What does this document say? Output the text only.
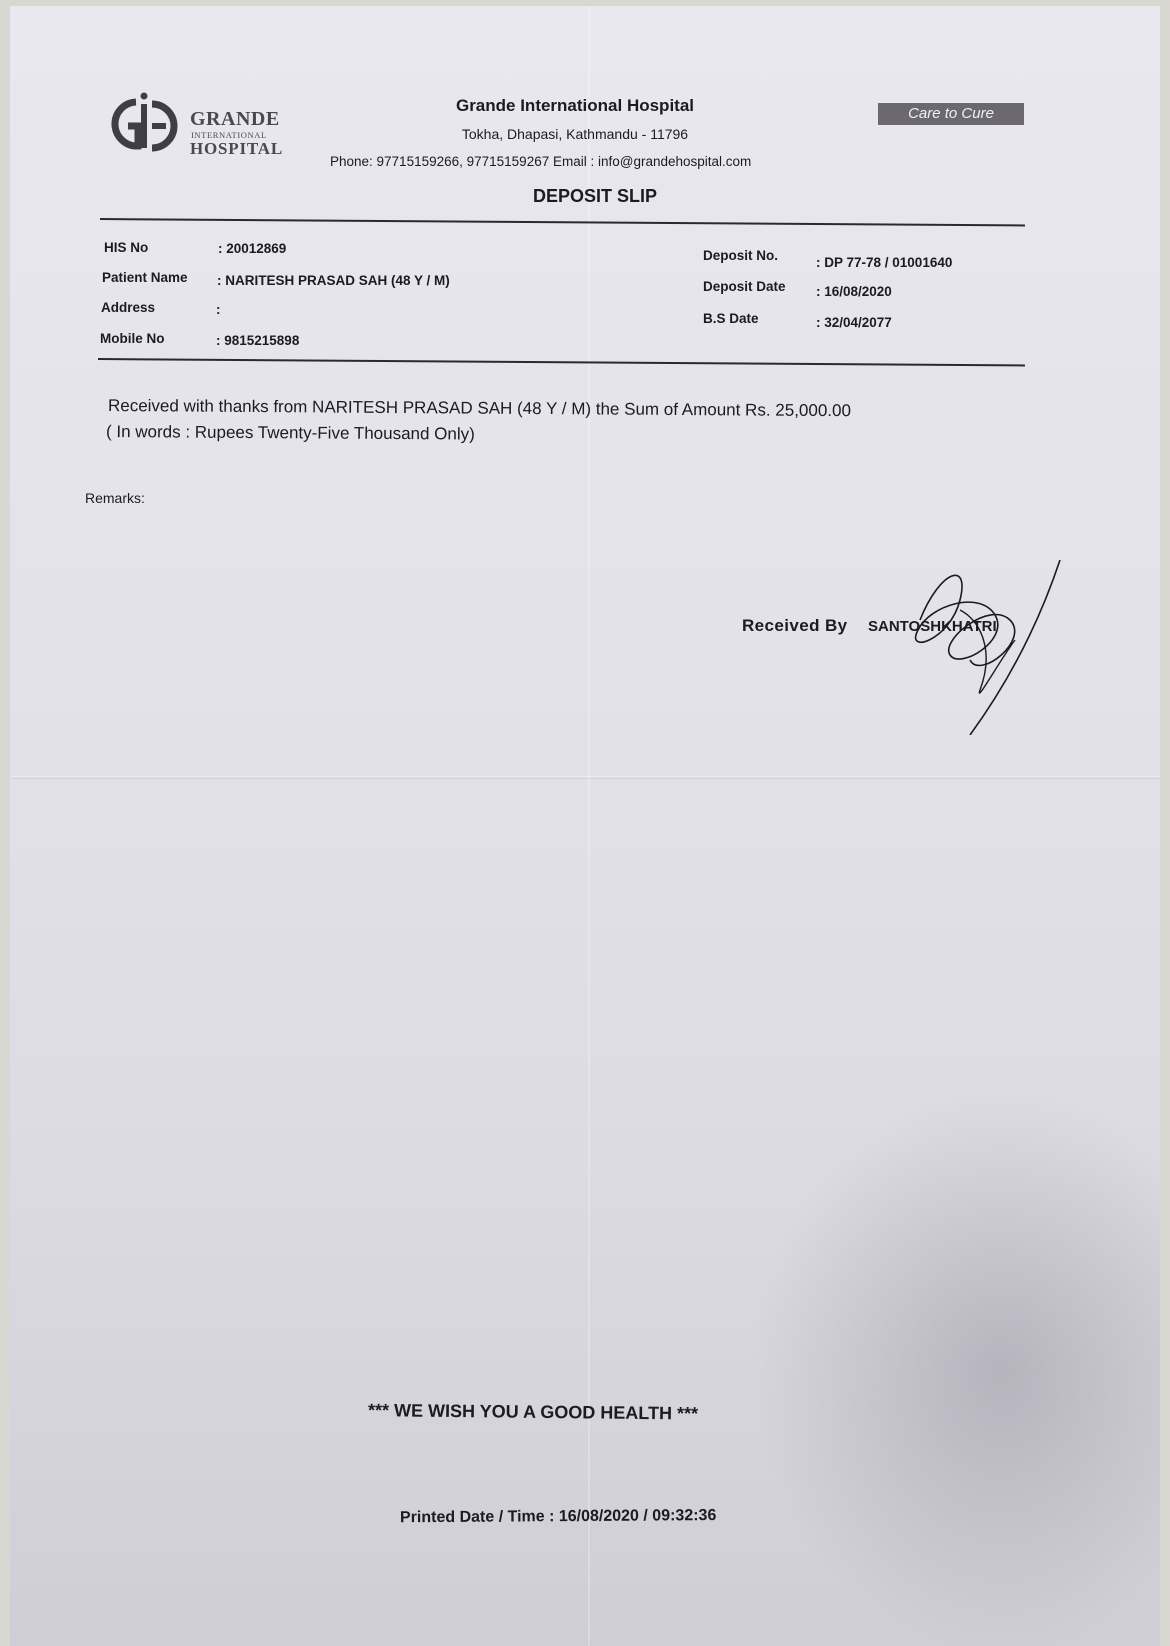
GRANDE
INTERNATIONAL
HOSPITAL
Grande International Hospital
Tokha, Dhapasi, Kathmandu - 11796
Phone: 97715159266, 97715159267 Email : info@grandehospital.com
Care to Cure
DEPOSIT SLIP
HIS No	: 20012869
Patient Name : NARITESH PRASAD SAH (48 Y / M)
Address	:
Mobile No	: 9815215898
Deposit No.	: DP 77-78 / 01001640
Deposit Date : 16/08/2020
B.S Date	: 32/04/2077
Received with thanks from NARITESH PRASAD SAH (48 Y / M) the Sum of Amount Rs. 25,000.00
( In words : Rupees Twenty-Five Thousand Only)
Remarks:
Received By SANTOSHKHATRI
*** WE WISH YOU A GOOD HEALTH ***
Printed Date / Time : 16/08/2020 / 09:32:36
